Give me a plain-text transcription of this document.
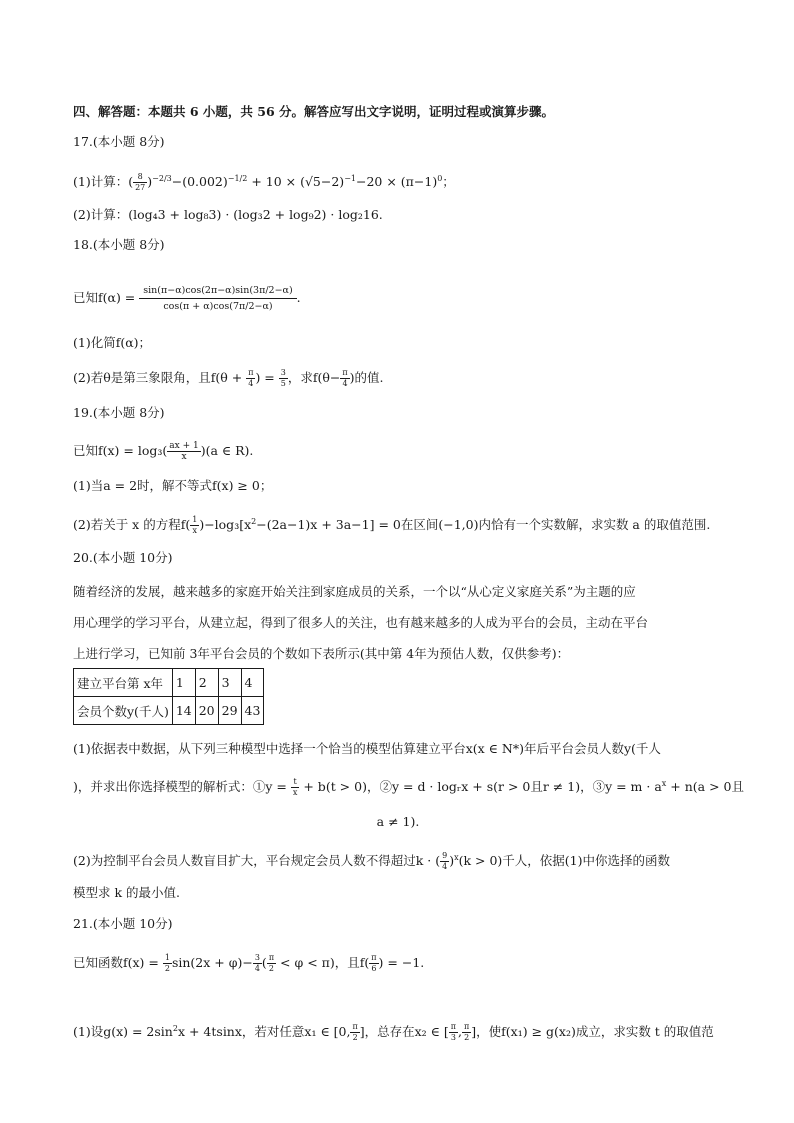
四、解答题：本题共 6 小题，共 56 分。解答应写出文字说明，证明过程或演算步骤。
17.(本小题 8分)
(1)计算：( $\frac{8}{27} )^{-2/3}-(0.002)^{-1/2} + 10 \times (√5-2)^{-1}-20 \times (\pi-1)^0$；
(2)计算：(log₄3 + log₈3) · (log₃2 + log₉2) · log₂16.
18.(本小题 8分)
已知$f(\alpha) = \frac{\sin(\pi-\alpha)\cos(2\pi-\alpha)\sin(3\pi/2-\alpha)}{\cos(\pi + \alpha)\cos(7\pi/2-\alpha)}$ .
(1)化简f(α)；
(2)若θ是第三象限角，且$f(\theta + \frac{\pi}{4}$ ) = $\frac{3}{5}$ ，求$f(\theta- \frac{\pi}{4}$ )的值.
19.(本小题 8分)
已知$f(x) = \log_3( \frac{ax + 1}{x} )(a$ ∈ R).
(1)当a = 2时，解不等式f(x) ≥ 0；
(2)若关于 x 的方程$f( \frac{1}{x} )-\log_3[x^2-(2a-1)x + 3a-1] = 0$在区间(−1,0)内恰有一个实数解，求实数 a 的取值范围.
20.(本小题 10分)
随着经济的发展，越来越多的家庭开始关注到家庭成员的关系，一个以“从心定义家庭关系”为主题的应
用心理学的学习平台，从建立起，得到了很多人的关注，也有越来越多的人成为平台的会员，主动在平台
上进行学习，已知前 3年平台会员的个数如下表所示(其中第 4年为预估人数，仅供参考)：
建立平台第 x年	1	2	3	4
会员个数y(千人)	14	20	29	43
(1)依据表中数据，从下列三种模型中选择一个恰当的模型估算建立平台x(x ∈ N*)年后平台会员人数y(千人
)，并求出你选择模型的解析式：①y = $\frac{t}{x} + b(t > 0)$，②y = d · logᵣx + s(r > 0且r ≠ 1)，③y = $m \cdot a^x + n(a > 0$且
a ≠ 1).
(2)为控制平台会员人数盲目扩大，平台规定会员人数不得超过k · ( $\frac{9}{4} )^x(k > 0)$千人，依据(1)中你选择的函数
模型求 k 的最小值.
21.(本小题 10分)
已知函数$f(x) = \frac{1}{2} \sin(2x + \varphi)- \frac{3}{4}$ ( $\frac{\pi}{2} < \varphi < \pi$)，且$f( \frac{\pi}{6}$ ) = −1.
(1)设$g(x) = 2\sin^2x + 4tsinx$，若对任意x₁ ∈ [0, $\frac{\pi}{2}$ ]，总存在x₂ ∈ [ $\frac{\pi}{3}$ , $\frac{\pi}{2}$ ]，使f(x₁) ≥ g(x₂)成立，求实数 t 的取值范
